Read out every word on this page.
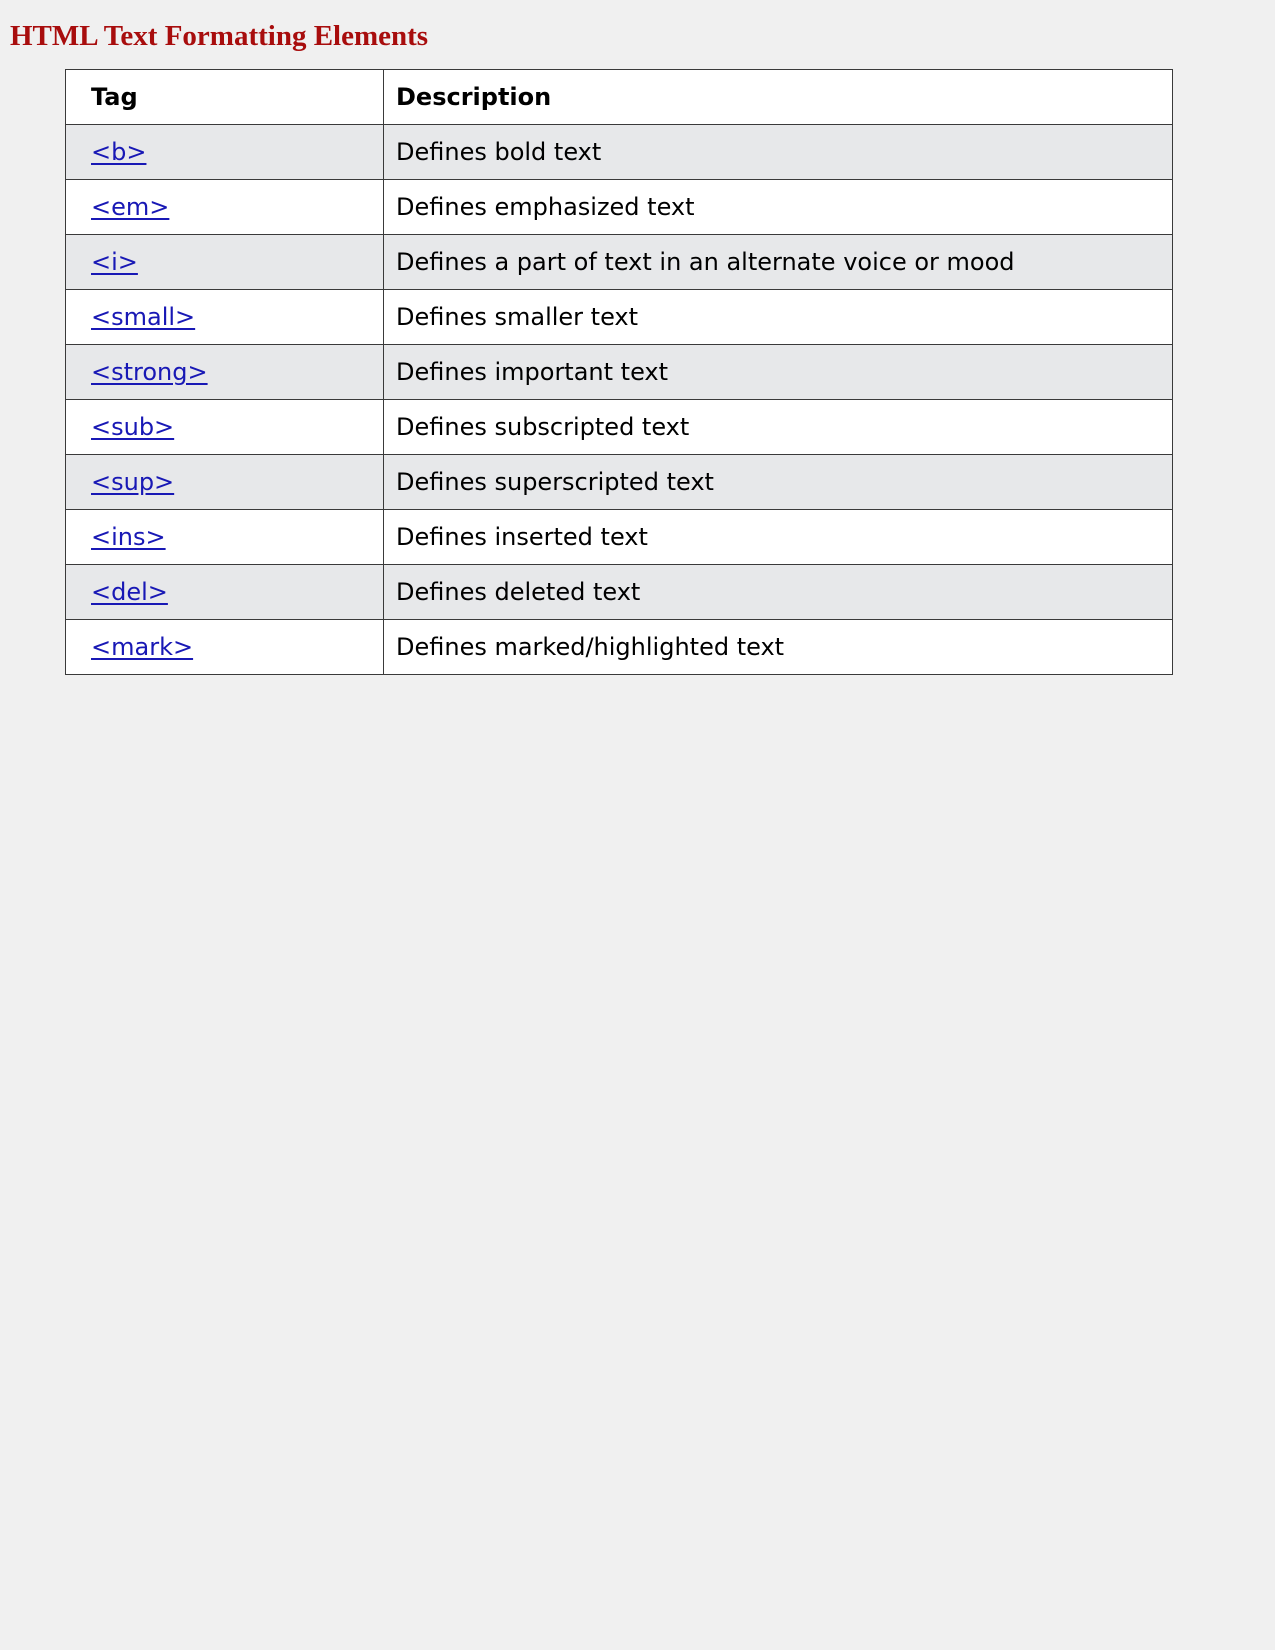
HTML Text Formatting Elements
Tag	Description
<b>	Defines bold text
<em>	Defines emphasized text
<i>	Defines a part of text in an alternate voice or mood
<small>	Defines smaller text
<strong>	Defines important text
<sub>	Defines subscripted text
<sup>	Defines superscripted text
<ins>	Defines inserted text
<del>	Defines deleted text
<mark>	Defines marked/highlighted text
